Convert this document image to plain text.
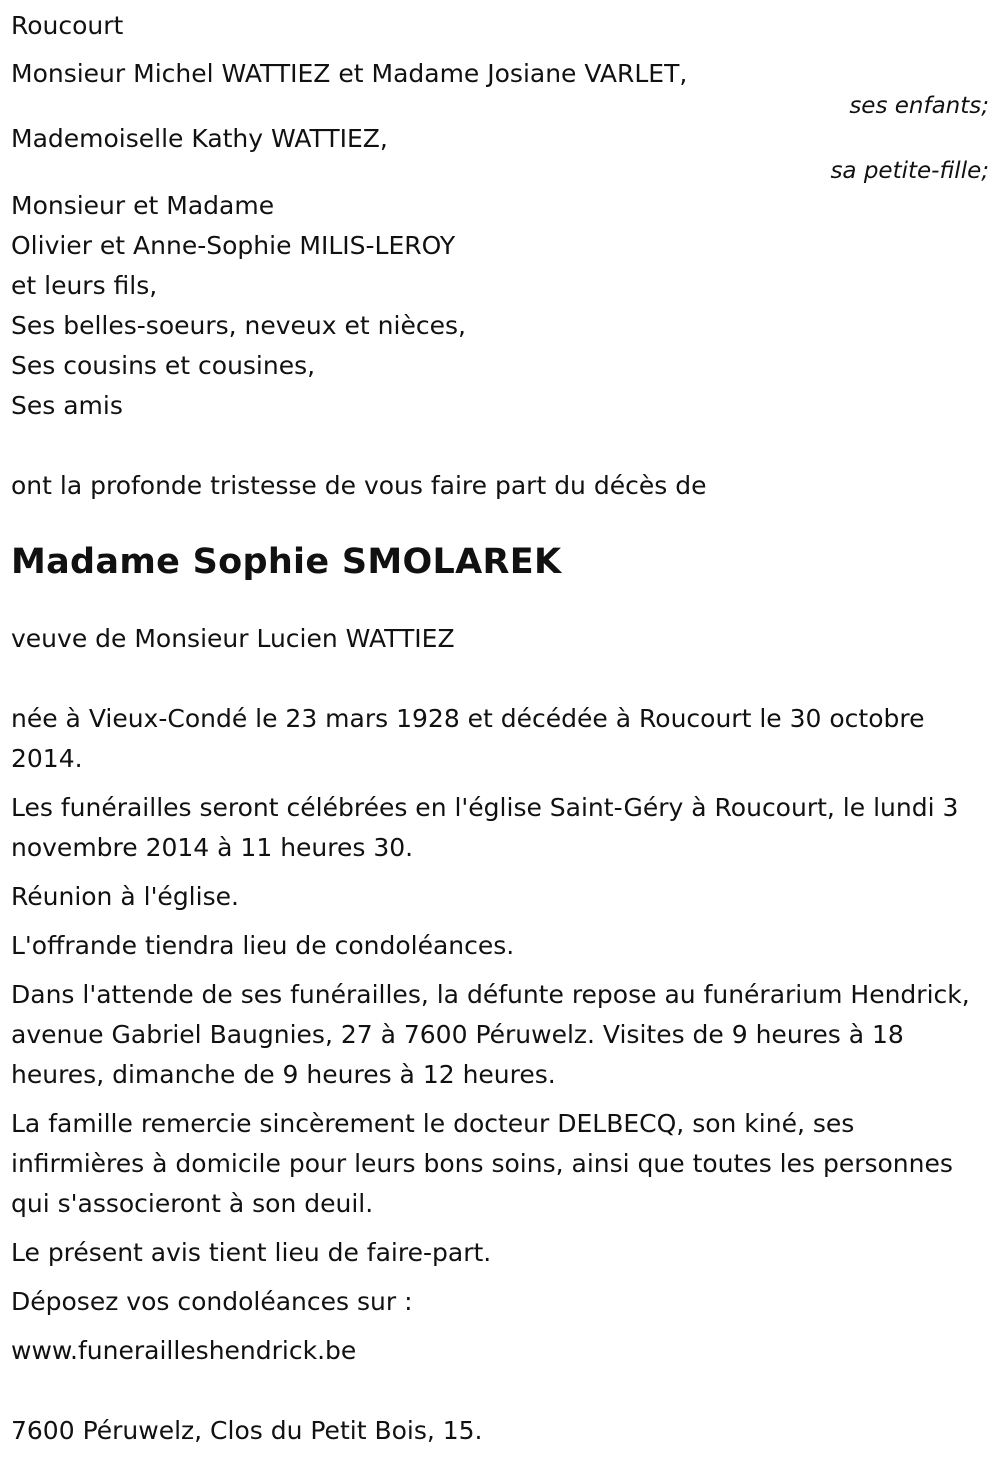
Roucourt
Monsieur Michel WATTIEZ et Madame Josiane VARLET,
ses enfants;
Mademoiselle Kathy WATTIEZ,
sa petite-fille;
Monsieur et Madame
Olivier et Anne-Sophie MILIS-LEROY
et leurs fils,
Ses belles-soeurs, neveux et nièces,
Ses cousins et cousines,
Ses amis
ont la profonde tristesse de vous faire part du décès de
Madame Sophie SMOLAREK
veuve de Monsieur Lucien WATTIEZ
née à Vieux-Condé le 23 mars 1928 et décédée à Roucourt le 30 octobre 2014.
Les funérailles seront célébrées en l'église Saint-Géry à Roucourt, le lundi 3 novembre 2014 à 11 heures 30.
Réunion à l'église.
L'offrande tiendra lieu de condoléances.
Dans l'attende de ses funérailles, la défunte repose au funérarium Hendrick, avenue Gabriel Baugnies, 27 à 7600 Péruwelz. Visites de 9 heures à 18 heures, dimanche de 9 heures à 12 heures.
La famille remercie sincèrement le docteur DELBECQ, son kiné, ses infirmières à domicile pour leurs bons soins, ainsi que toutes les personnes qui s'associeront à son deuil.
Le présent avis tient lieu de faire-part.
Déposez vos condoléances sur :
www.funerailleshendrick.be
7600 Péruwelz, Clos du Petit Bois, 15.
